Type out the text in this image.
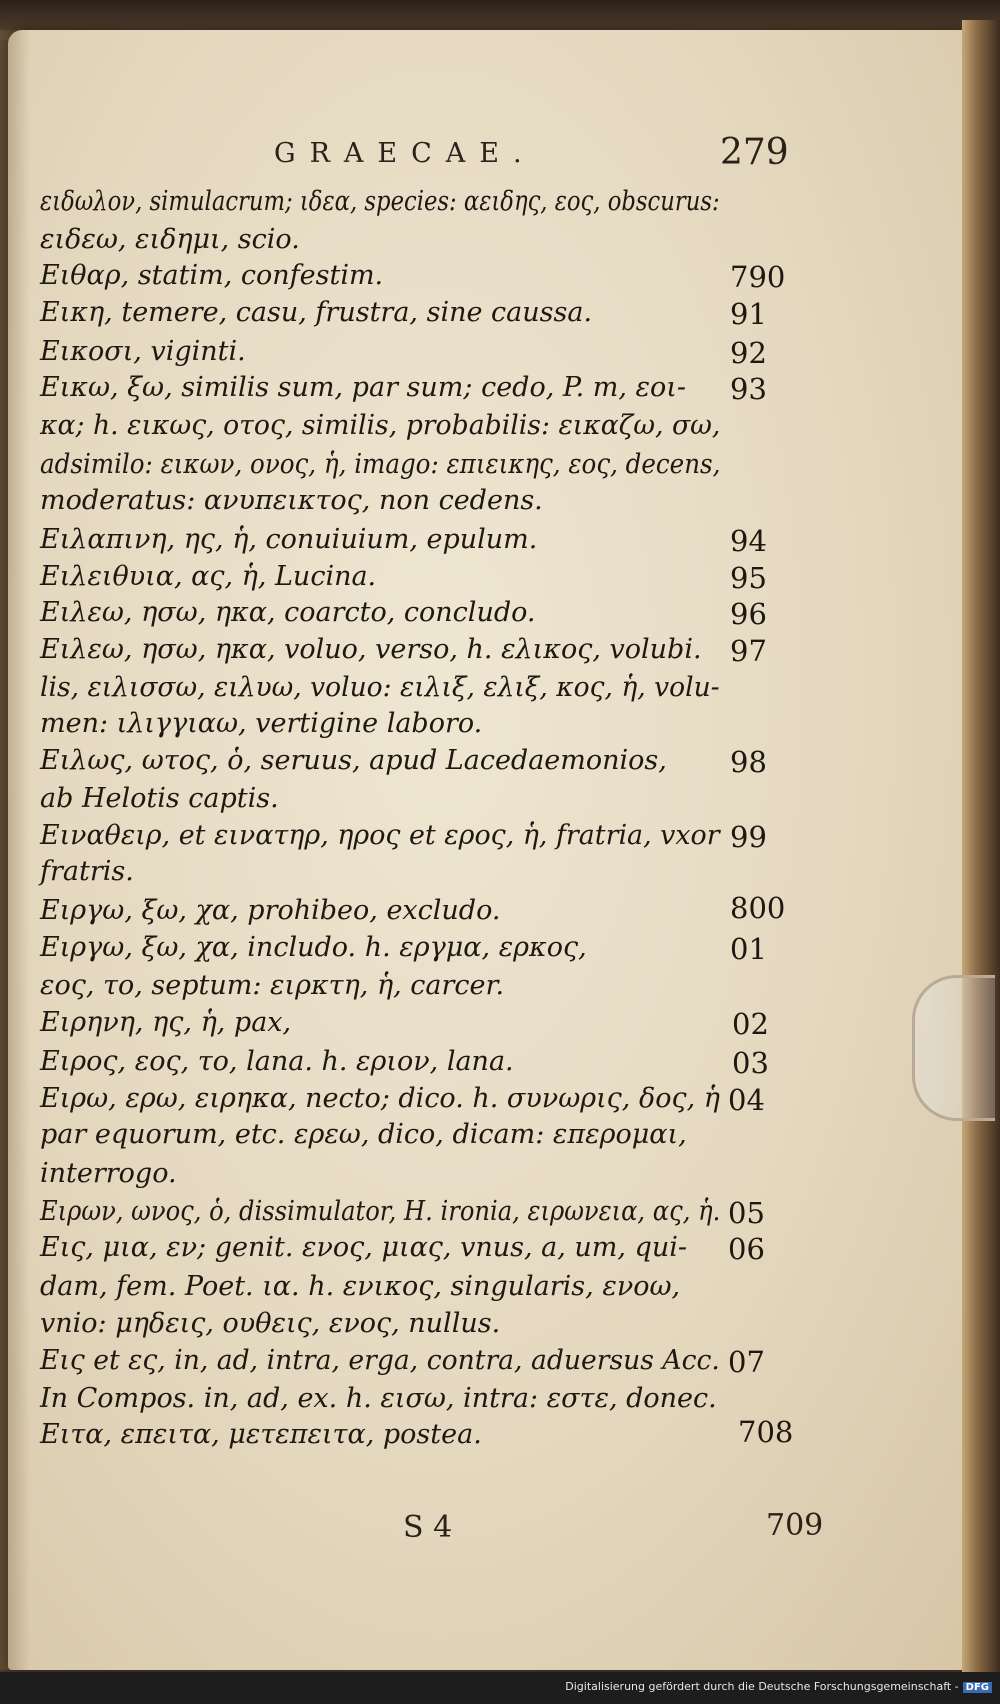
GRAECAE.	279
ειδωλον, simulacrum; ιδεα, species: αειδης, εος, obscurus:
ειδεω, ειδημι, scio.
Ειθαρ, statim, confestim.
Εικη, temere, casu, frustra, sine caussa.
Εικοσι, viginti.
Εικω, ξω, similis sum, par sum; cedo, P. m, εοι-
κα; h. εικως, οτος, similis, probabilis: εικαζω, σω,
adsimilo: εικων, ονος, ἡ, imago: επιεικης, εος, decens,
moderatus: ανυπεικτος, non cedens.
Ειλαπινη, ης, ἡ, conuiuium, epulum.
Ειλειθυια, ας, ἡ, Lucina.
Ειλεω, ησω, ηκα, coarcto, concludo.
Ειλεω, ησω, ηκα, voluo, verso, h. ελικος, volubi.
lis, ειλισσω, ειλυω, voluo: ειλιξ, ελιξ, κος, ἡ, volu-
men: ιλιγγιαω, vertigine laboro.
Ειλως, ωτος, ὁ, seruus, apud Lacedaemonios,
ab Helotis captis.
Ειναθειρ, et εινατηρ, ηρος et ερος, ἡ, fratria, vxor
fratris.
Ειργω, ξω, χα, prohibeo, excludo.
Ειργω, ξω, χα, includo. h. εργμα, ερκος,
εος, το, septum: ειρκτη, ἡ, carcer.
Ειρηνη, ης, ἡ, pax,
Ειρος, εος, το, lana. h. εριον, lana.
Ειρω, ερω, ειρηκα, necto; dico. h. συνωρις, δος, ἡ
par equorum, etc. ερεω, dico, dicam: επερομαι,
interrogo.
Ειρων, ωνος, ὁ, dissimulator, H. ironia, ειρωνεια, ας, ἡ.
Εις, μια, εν; genit. ενος, μιας, vnus, a, um, qui-
dam, fem. Poet. ια. h. ενικος, singularis, ενοω,
vnio: μηδεις, ουθεις, ενος, nullus.
Εις et ες, in, ad, intra, erga, contra, aduersus Acc.
In Compos. in, ad, ex. h. εισω, intra: εστε, donec.
Ειτα, επειτα, μετεπειτα, postea.
790
91
92
93
94
95
96
97
98
99
800
01
02
03
04
05
06
07
708
S 4	709
Digitalisierung gefördert durch die Deutsche Forschungsgemeinschaft - DFG
